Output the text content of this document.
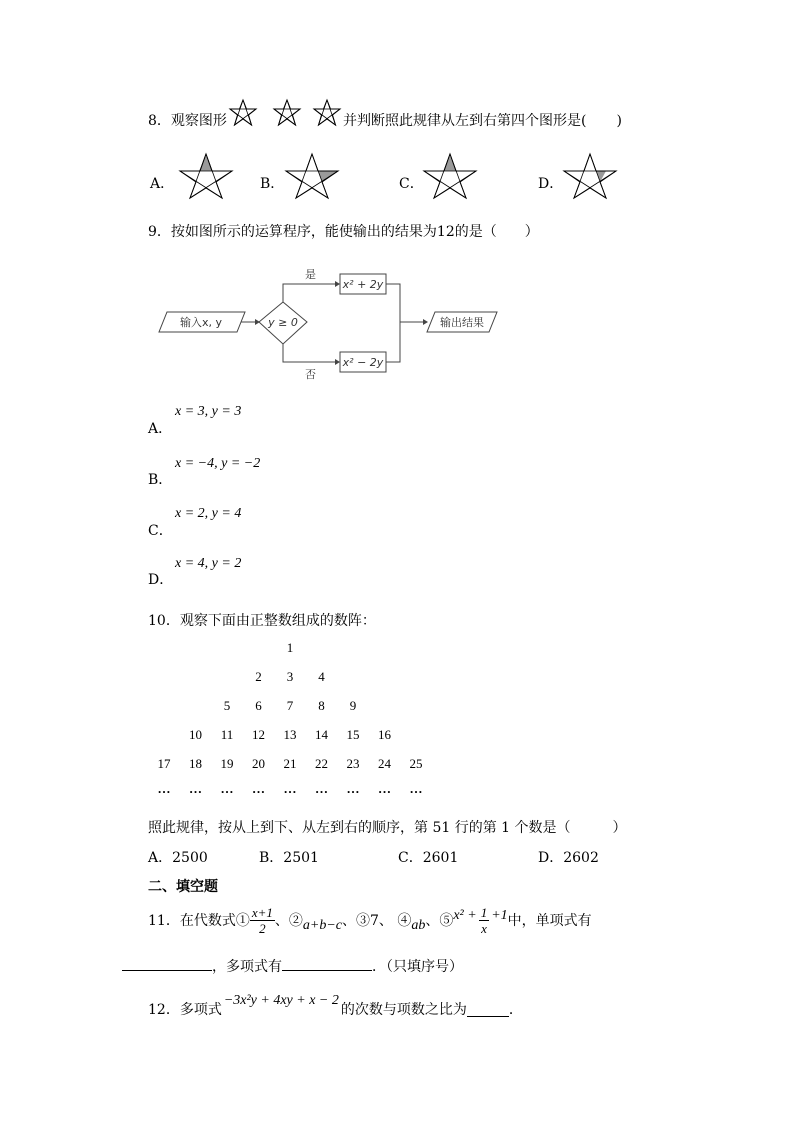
8．观察图形	并判断照此规律从左到右第四个图形是( )
A．	B．	C．	D．
9．按如图所示的运算程序，能使输出的结果为12的是（　　）
输入x, y	y ≥ 0
是
x² + 2y
否
x² − 2y
输出结果
x = 3, y = 3
A．
x = −4, y = −2
B．
x = 2, y = 4
C．
x = 4, y = 2
D．
10．观察下面由正整数组成的数阵：
1
2	3	4
5	6	7	8	9
10	11	12	13	14	15	16
17	18	19	20	21	22	23	24	25
…	…	…	…	…	…	…	…	…
照此规律，按从上到下、从左到右的顺序，第 51 行的第 1 个数是（　　　）
A．2500	B．2501	C．2601	D．2602
二、填空题
11．在代数式① $\frac{x+1}{2}$ 、② a+b−c 、③7、 ④ ab 、⑤ $x^2 + \frac{1}{x} +1$ 中，单项式有
，多项式有	．（只填序号）
12．多项式
−3x²y + 4xy + x − 2
的次数与项数之比为	．
